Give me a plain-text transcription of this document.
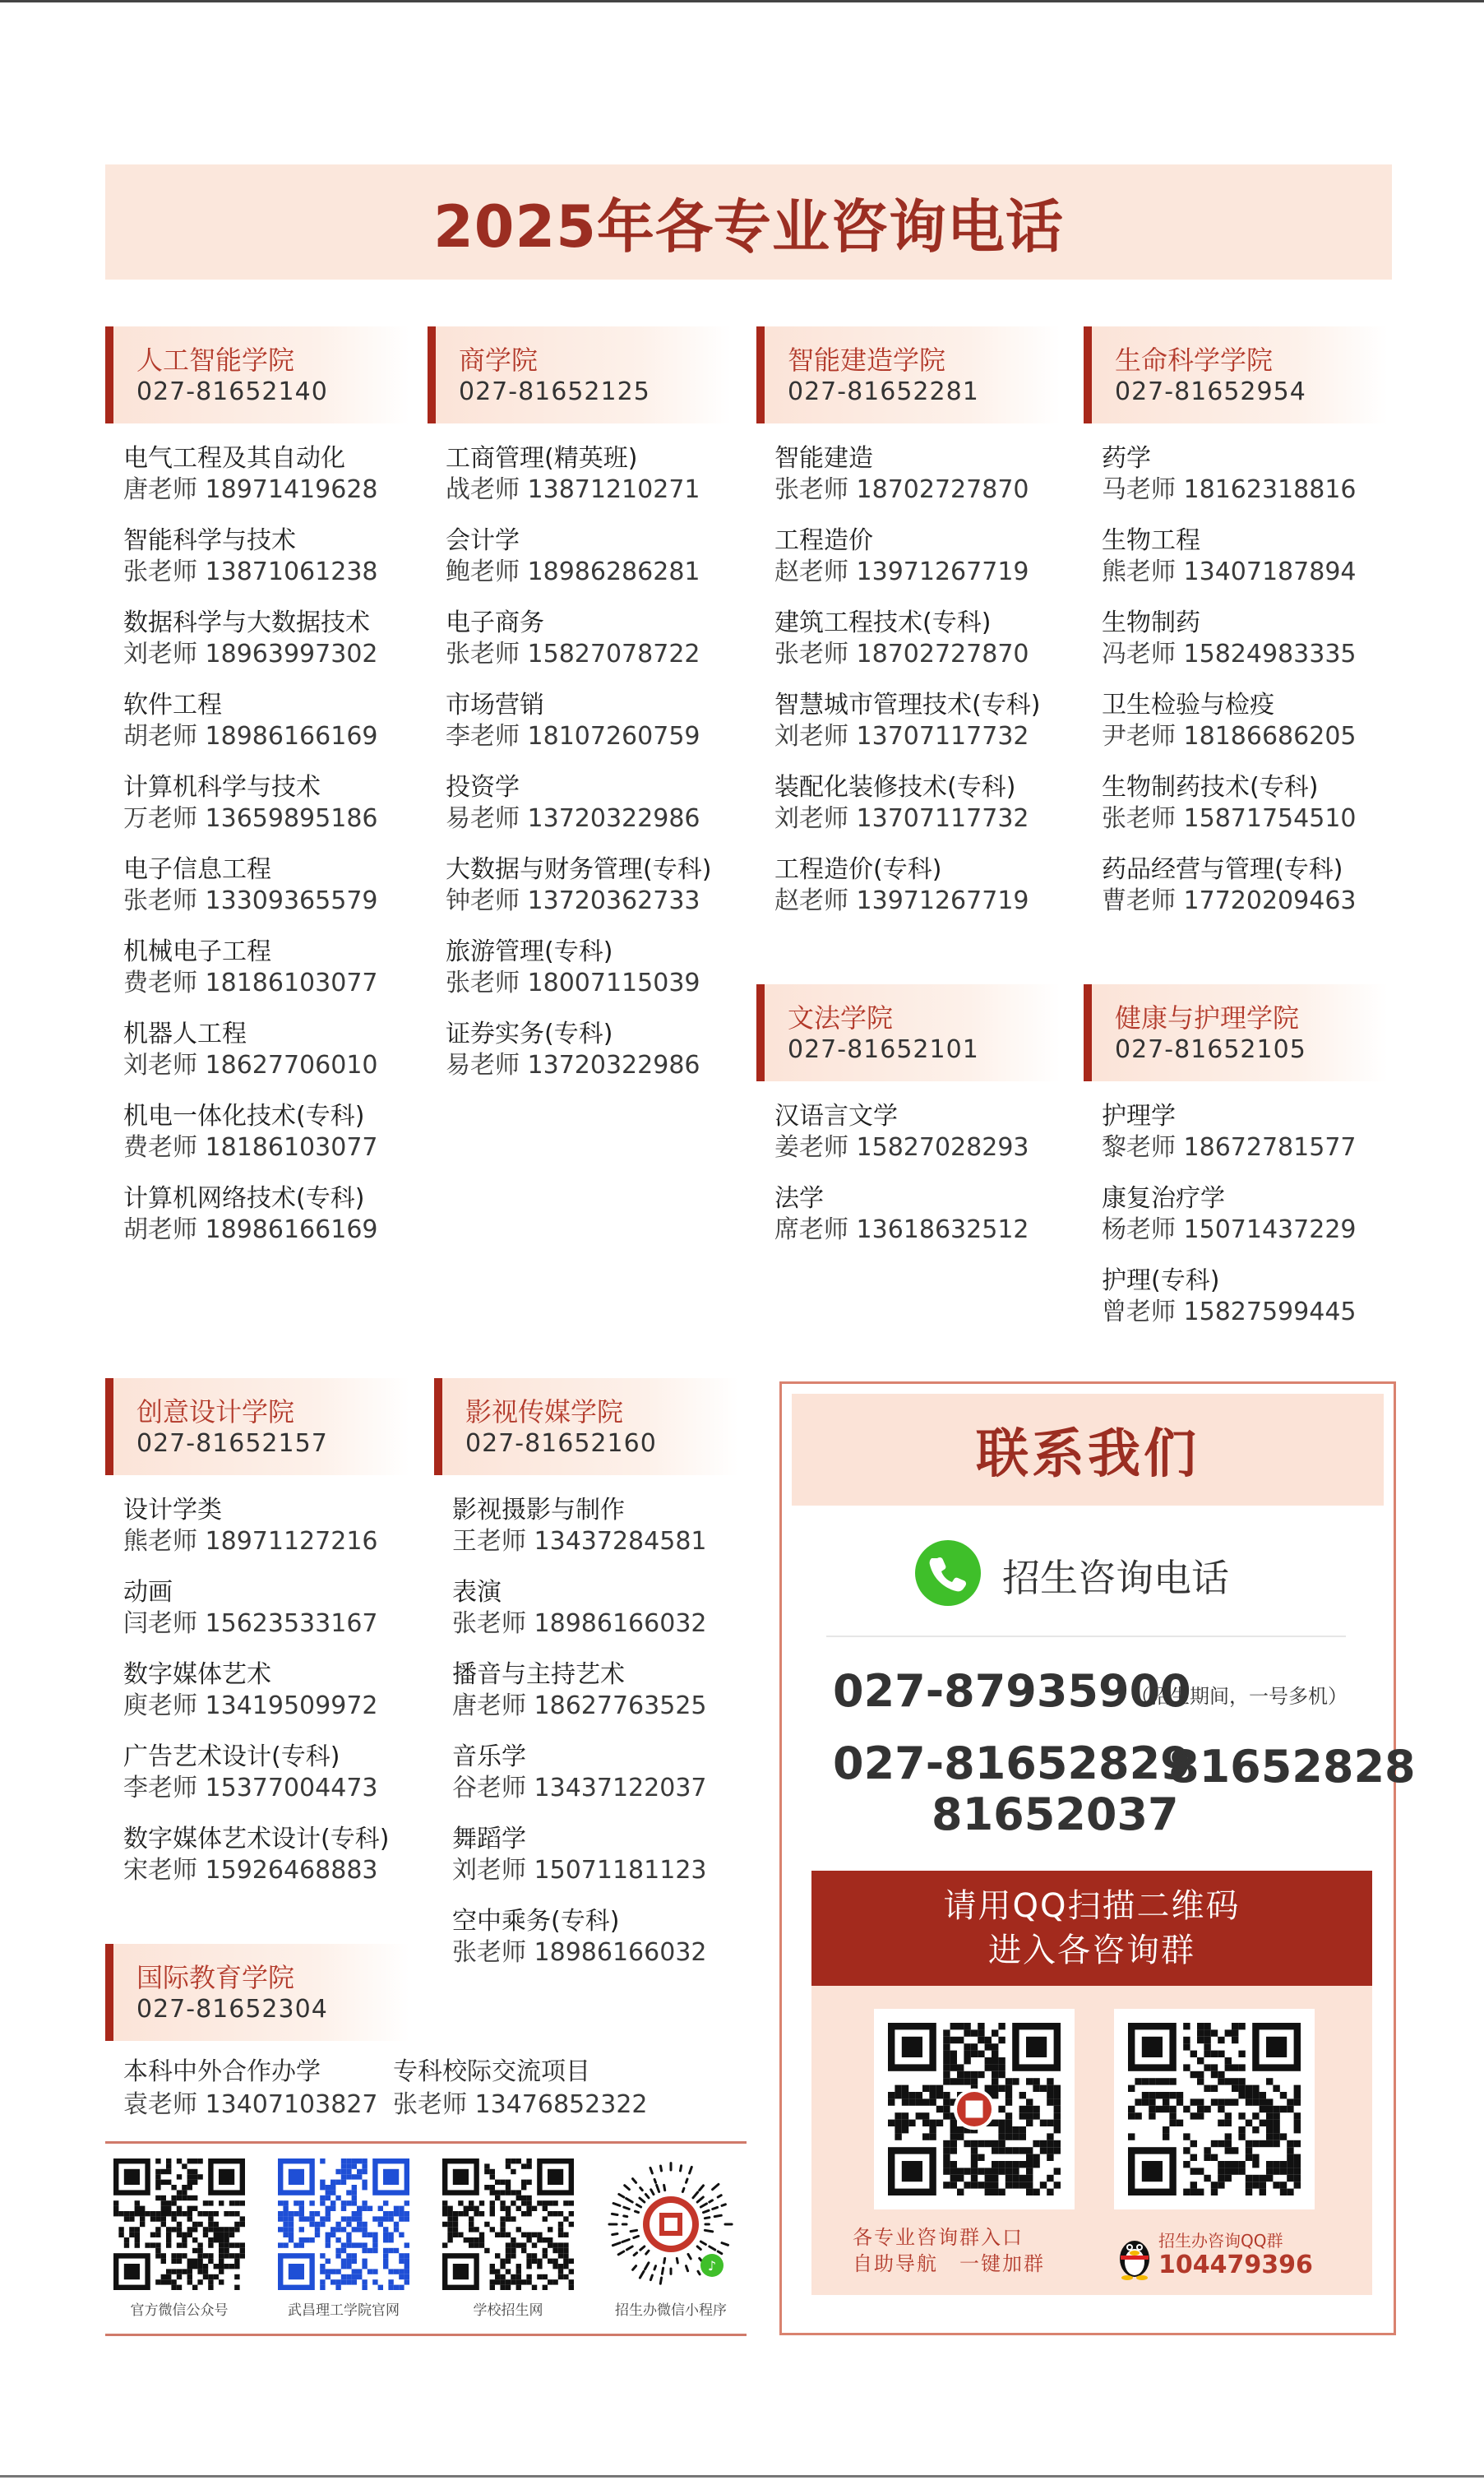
2025年各专业咨询电话
人工智能学院
027-81652140
电气工程及其自动化
唐老师 18971419628
智能科学与技术
张老师 13871061238
数据科学与大数据技术
刘老师 18963997302
软件工程
胡老师 18986166169
计算机科学与技术
万老师 13659895186
电子信息工程
张老师 13309365579
机械电子工程
费老师 18186103077
机器人工程
刘老师 18627706010
机电一体化技术(专科)
费老师 18186103077
计算机网络技术(专科)
胡老师 18986166169
商学院
027-81652125
工商管理(精英班)
战老师 13871210271
会计学
鲍老师 18986286281
电子商务
张老师 15827078722
市场营销
李老师 18107260759
投资学
易老师 13720322986
大数据与财务管理(专科)
钟老师 13720362733
旅游管理(专科)
张老师 18007115039
证券实务(专科)
易老师 13720322986
智能建造学院
027-81652281
智能建造
张老师 18702727870
工程造价
赵老师 13971267719
建筑工程技术(专科)
张老师 18702727870
智慧城市管理技术(专科)
刘老师 13707117732
装配化装修技术(专科)
刘老师 13707117732
工程造价(专科)
赵老师 13971267719
生命科学学院
027-81652954
药学
马老师 18162318816
生物工程
熊老师 13407187894
生物制药
冯老师 15824983335
卫生检验与检疫
尹老师 18186686205
生物制药技术(专科)
张老师 15871754510
药品经营与管理(专科)
曹老师 17720209463
文法学院
027-81652101
汉语言文学
姜老师 15827028293
法学
席老师 13618632512
健康与护理学院
027-81652105
护理学
黎老师 18672781577
康复治疗学
杨老师 15071437229
护理(专科)
曾老师 15827599445
创意设计学院
027-81652157
设计学类
熊老师 18971127216
动画
闫老师 15623533167
数字媒体艺术
庾老师 13419509972
广告艺术设计(专科)
李老师 15377004473
数字媒体艺术设计(专科)
宋老师 15926468883
影视传媒学院
027-81652160
影视摄影与制作
王老师 13437284581
表演
张老师 18986166032
播音与主持艺术
唐老师 18627763525
音乐学
谷老师 13437122037
舞蹈学
刘老师 15071181123
空中乘务(专科)
张老师 18986166032
国际教育学院
027-81652304
本科中外合作办学
袁老师 13407103827
专科校际交流项目
张老师 13476852322
官方微信公众号	武昌理工学院官网	学校招生网
♪
招生办微信小程序
联系我们
招生咨询电话
027-87935900
（招生期间，一号多机）
027-81652829
81652828
81652037
请用QQ扫描二维码
进入各咨询群
各专业咨询群入口
自助导航　一键加群
招生办咨询QQ群
104479396
